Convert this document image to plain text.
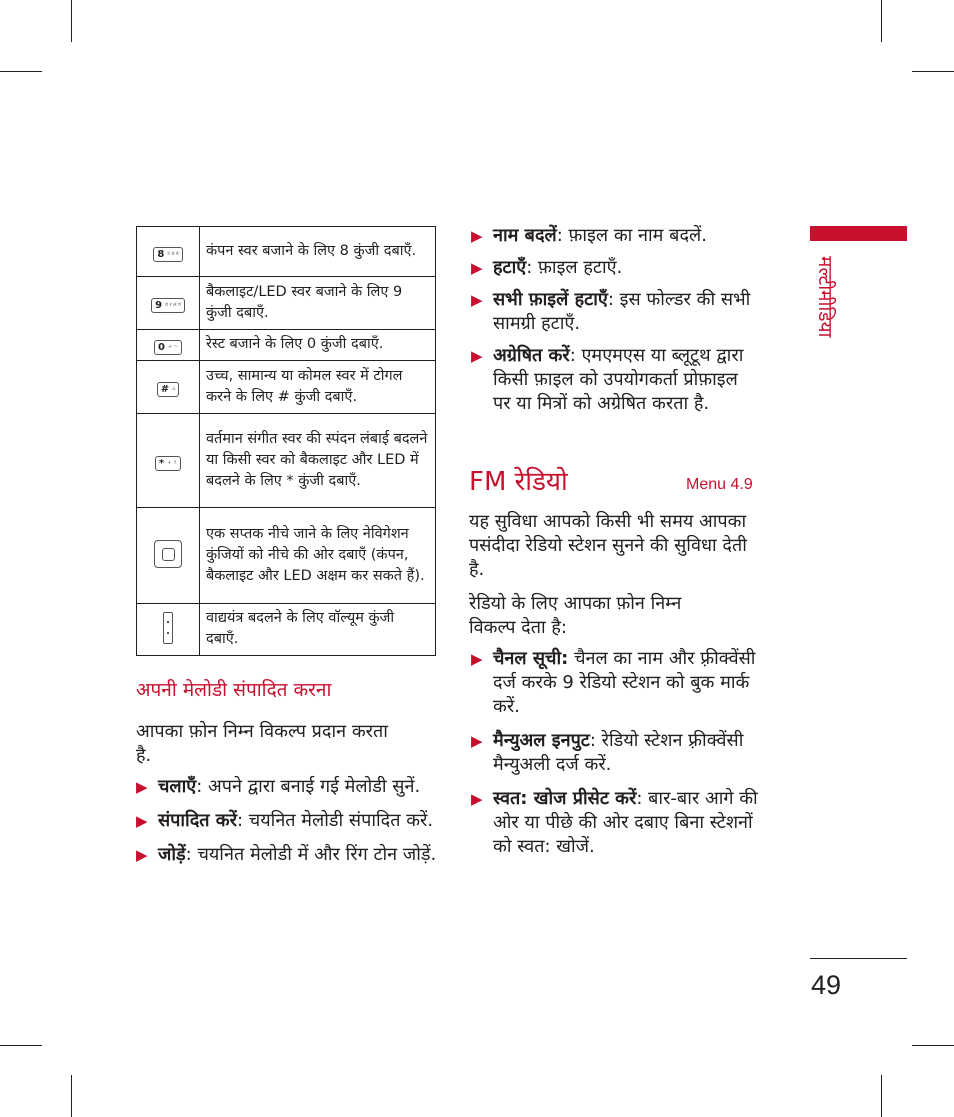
8 ट ठ ड	कंपन स्वर बजाने के लिए 8 कुंजी दबाएँ.

9 य र ल व	बैकलाइट/LED स्वर बजाने के लिए 9 कुंजी दबाएँ.

0 + ~	रेस्ट बजाने के लिए 0 कुंजी दबाएँ.

# ⌂	उच्च, सामान्य या कोमल स्वर में टोगल करने के लिए # कुंजी दबाएँ.

* + ↑	वर्तमान संगीत स्वर की स्पंदन लंबाई बदलने या किसी स्वर को बैकलाइट और LED में बदलने के लिए * कुंजी दबाएँ.

	एक सप्तक नीचे जाने के लिए नेविगेशन कुंजियों को नीचे की ओर दबाएँ (कंपन, बैकलाइट और LED अक्षम कर सकते हैं).

	वाद्ययंत्र बदलने के लिए वॉल्यूम कुंजी दबाएँ.
अपनी मेलोडी संपादित करना

आपका फ़ोन निम्न विकल्प प्रदान करता है.

▶ चलाएँ: अपने द्वारा बनाई गई मेलोडी सुनें.
▶ संपादित करें: चयनित मेलोडी संपादित करें.
▶ जोड़ें: चयनित मेलोडी में और रिंग टोन जोड़ें.
▶ नाम बदलें: फ़ाइल का नाम बदलें.
▶ हटाएँ: फ़ाइल हटाएँ.
▶ सभी फ़ाइलें हटाएँ: इस फोल्डर की सभी सामग्री हटाएँ.
▶ अग्रेषित करें: एमएमएस या ब्लूटूथ द्वारा किसी फ़ाइल को उपयोगकर्ता प्रोफ़ाइल पर या मित्रों को अग्रेषित करता है.
FM रेडियो	Menu 4.9

यह सुविधा आपको किसी भी समय आपका पसंदीदा रेडियो स्टेशन सुनने की सुविधा देती है.

रेडियो के लिए आपका फ़ोन निम्न विकल्प देता है:

▶ चैनल सूची: चैनल का नाम और फ़्रीक्वेंसी दर्ज करके 9 रेडियो स्टेशन को बुक मार्क करें.
▶ मैन्युअल इनपुट: रेडियो स्टेशन फ़्रीक्वेंसी मैन्युअली दर्ज करें.
▶ स्वत: खोज प्रीसेट करें: बार-बार आगे की ओर या पीछे की ओर दबाए बिना स्टेशनों को स्वत: खोजें.
मल्टीमीडिया
49
